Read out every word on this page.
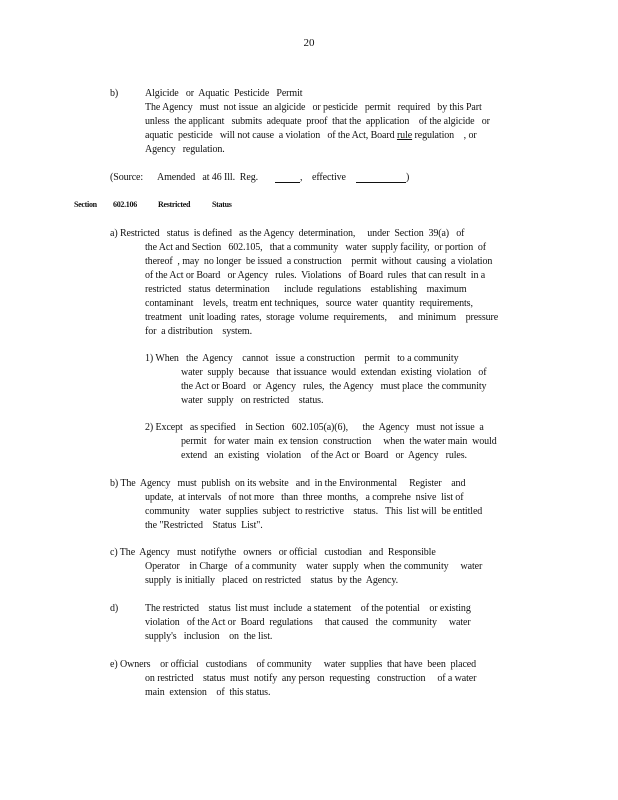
20
b)	Algicide   or  Aquatic  Pesticide   Permit
The Agency   must  not issue  an algicide   or pesticide   permit   required   by this Part
unless  the applicant   submits  adequate  proof  that the  application    of the algicide   or
aquatic  pesticide   will not cause  a violation   of the Act, Board rule regulation    , or
Agency   regulation.
(Source: Amended   at 46 Ill.  Reg.	,    effective	)
Section 602.106	Restricted	Status
a) Restricted   status  is defined   as the Agency  determination,     under  Section  39(a)   of
the Act and Section   602.105,   that a community   water  supply facility,  or portion  of
thereof  , may  no longer  be issued  a construction    permit  without  causing  a violation
of the Act or Board   or Agency   rules.  Violations   of Board  rules  that can result  in a
restricted   status  determination      include  regulations    establishing    maximum
contaminant    levels,  treatm ent techniques,   source  water  quantity  requirements,
treatment   unit loading  rates,  storage  volume  requirements,     and  minimum    pressure
for  a distribution    system.
1) When   the  Agency    cannot   issue  a construction    permit   to a community
water  supply  because   that issuance  would  extendan  existing  violation   of
the Act or Board   or  Agency   rules,  the Agency   must place  the community
water  supply   on restricted    status.
2) Except   as specified    in Section   602.105(a)(6),      the  Agency   must  not issue  a
permit   for water  main  ex tension  construction     when  the water main  would
extend   an  existing   violation    of the Act or  Board   or  Agency   rules.
b) The  Agency   must  publish  on its website   and  in the Environmental     Register    and
update,  at intervals   of not more   than  three  months,   a comprehe  nsive  list of
community    water  supplies  subject  to restrictive    status.   This  list will  be entitled
the "Restricted    Status  List".
c) The  Agency   must  notifythe   owners   or official   custodian   and  Responsible
Operator    in Charge   of a community    water  supply  when  the community     water
supply  is initially   placed  on restricted    status  by the  Agency.
d)	The restricted    status  list must  include  a statement    of the potential    or existing
violation   of the Act or  Board  regulations     that caused   the  community     water
supply's   inclusion    on  the list.
e) Owners    or official   custodians    of community     water  supplies  that have  been  placed
on restricted    status  must  notify  any person  requesting   construction     of a water
main  extension    of  this status.
